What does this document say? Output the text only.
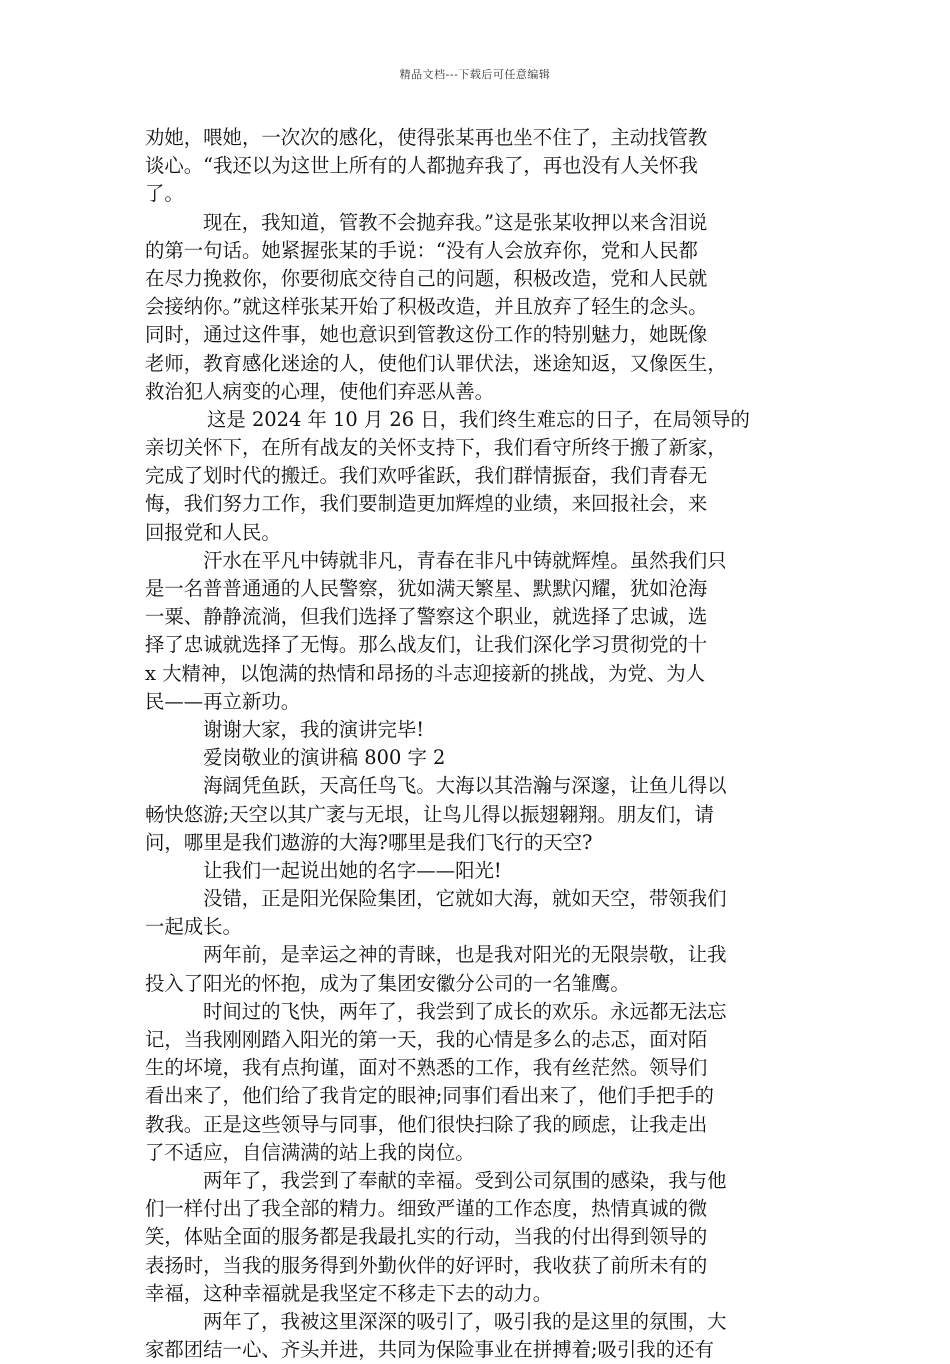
精品文档---下载后可任意编辑
劝她，喂她，一次次的感化，使得张某再也坐不住了，主动找管教
谈心。“我还以为这世上所有的人都抛弃我了，再也没有人关怀我
了。
现在，我知道，管教不会抛弃我。”这是张某收押以来含泪说
的第一句话。她紧握张某的手说：“没有人会放弃你，党和人民都
在尽力挽救你，你要彻底交待自己的问题，积极改造，党和人民就
会接纳你。”就这样张某开始了积极改造，并且放弃了轻生的念头。
同时，通过这件事，她也意识到管教这份工作的特别魅力，她既像
老师，教育感化迷途的人，使他们认罪伏法，迷途知返，又像医生，
救治犯人病变的心理，使他们弃恶从善。
这是 2024 年 10 月 26 日，我们终生难忘的日子，在局领导的
亲切关怀下，在所有战友的关怀支持下，我们看守所终于搬了新家，
完成了划时代的搬迁。我们欢呼雀跃，我们群情振奋，我们青春无
悔，我们努力工作，我们要制造更加辉煌的业绩，来回报社会，来
回报党和人民。
汗水在平凡中铸就非凡，青春在非凡中铸就辉煌。虽然我们只
是一名普普通通的人民警察，犹如满天繁星、默默闪耀，犹如沧海
一粟、静静流淌，但我们选择了警察这个职业，就选择了忠诚，选
择了忠诚就选择了无悔。那么战友们，让我们深化学习贯彻党的十
x 大精神，以饱满的热情和昂扬的斗志迎接新的挑战，为党、为人
民——再立新功。
谢谢大家，我的演讲完毕!
爱岗敬业的演讲稿 800 字 2
海阔凭鱼跃，天高任鸟飞。大海以其浩瀚与深邃，让鱼儿得以
畅快悠游;天空以其广袤与无垠，让鸟儿得以振翅翱翔。朋友们，请
问，哪里是我们遨游的大海?哪里是我们飞行的天空?
让我们一起说出她的名字——阳光!
没错，正是阳光保险集团，它就如大海，就如天空，带领我们
一起成长。
两年前，是幸运之神的青睐，也是我对阳光的无限崇敬，让我
投入了阳光的怀抱，成为了集团安徽分公司的一名雏鹰。
时间过的飞快，两年了，我尝到了成长的欢乐。永远都无法忘
记，当我刚刚踏入阳光的第一天，我的心情是多么的忐忑，面对陌
生的坏境，我有点拘谨，面对不熟悉的工作，我有丝茫然。领导们
看出来了，他们给了我肯定的眼神;同事们看出来了，他们手把手的
教我。正是这些领导与同事，他们很快扫除了我的顾虑，让我走出
了不适应，自信满满的站上我的岗位。
两年了，我尝到了奉献的幸福。受到公司氛围的感染，我与他
们一样付出了我全部的精力。细致严谨的工作态度，热情真诚的微
笑，体贴全面的服务都是我最扎实的行动，当我的付出得到领导的
表扬时，当我的服务得到外勤伙伴的好评时，我收获了前所未有的
幸福，这种幸福就是我坚定不移走下去的动力。
两年了，我被这里深深的吸引了，吸引我的是这里的氛围，大
家都团结一心、齐头并进，共同为保险事业在拼搏着;吸引我的还有
